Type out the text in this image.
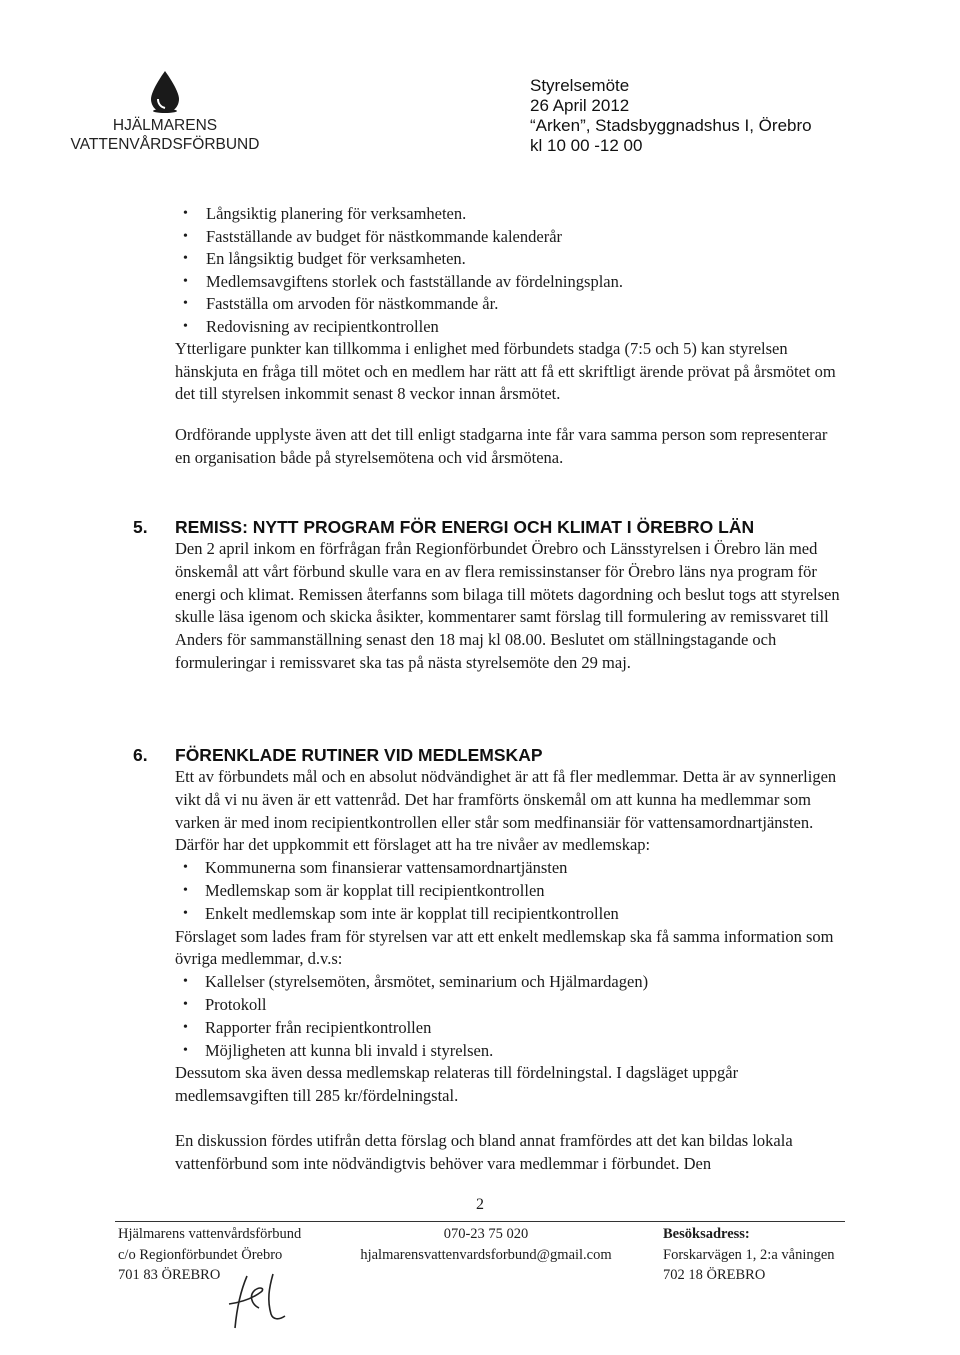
HJÄLMARENS
VATTENVÅRDSFÖRBUND
Styrelsemöte
26 April 2012
“Arken”, Stadsbyggnadshus I, Örebro
kl 10 00 -12 00
• Långsiktig planering för verksamheten.
• Fastställande av budget för nästkommande kalenderår
• En långsiktig budget för verksamheten.
• Medlemsavgiftens storlek och fastställande av fördelningsplan.
• Fastställa om arvoden för nästkommande år.
• Redovisning av recipientkontrollen

Ytterligare punkter kan tillkomma i enlighet med förbundets stadga (7:5 och 5) kan styrelsen hänskjuta en fråga till mötet och en medlem har rätt att få ett skriftligt ärende prövat på årsmötet om det till styrelsen inkommit senast 8 veckor innan årsmötet.

Ordförande upplyste även att det till enligt stadgarna inte får vara samma person som representerar en organisation både på styrelsemötena och vid årsmötena.

5. REMISS: NYTT PROGRAM FÖR ENERGI OCH KLIMAT I ÖREBRO LÄN

Den 2 april inkom en förfrågan från Regionförbundet Örebro och Länsstyrelsen i Örebro län med önskemål att vårt förbund skulle vara en av flera remissinstanser för Örebro läns nya program för energi och klimat. Remissen återfanns som bilaga till mötets dagordning och beslut togs att styrelsen skulle läsa igenom och skicka åsikter, kommentarer samt förslag till formulering av remissvaret till Anders för sammanställning senast den 18 maj kl 08.00. Beslutet om ställningstagande och formuleringar i remissvaret ska tas på nästa styrelsemöte den 29 maj.

6. FÖRENKLADE RUTINER VID MEDLEMSKAP

Ett av förbundets mål och en absolut nödvändighet är att få fler medlemmar. Detta är av synnerligen vikt då vi nu även är ett vattenråd. Det har framförts önskemål om att kunna ha medlemmar som varken är med inom recipientkontrollen eller står som medfinansiär för vattensamordnartjänsten. Därför har det uppkommit ett förslaget att ha tre nivåer av medlemskap:

• Kommunerna som finansierar vattensamordnartjänsten
• Medlemskap som är kopplat till recipientkontrollen
• Enkelt medlemskap som inte är kopplat till recipientkontrollen

Förslaget som lades fram för styrelsen var att ett enkelt medlemskap ska få samma information som övriga medlemmar, d.v.s:

• Kallelser (styrelsemöten, årsmötet, seminarium och Hjälmardagen)
• Protokoll
• Rapporter från recipientkontrollen
• Möjligheten att kunna bli invald i styrelsen.

Dessutom ska även dessa medlemskap relateras till fördelningstal. I dagsläget uppgår medlemsavgiften till 285 kr/fördelningstal.

En diskussion fördes utifrån detta förslag och bland annat framfördes att det kan bildas lokala vattenförbund som inte nödvändigtvis behöver vara medlemmar i förbundet. Den

2
Hjälmarens vattenvårdsförbund
c/o Regionförbundet Örebro
701 83 ÖREBRO
070-23 75 020
hjalmarensvattenvardsforbund@gmail.com
Besöksadress:
Forskarvägen 1, 2:a våningen
702 18 ÖREBRO
